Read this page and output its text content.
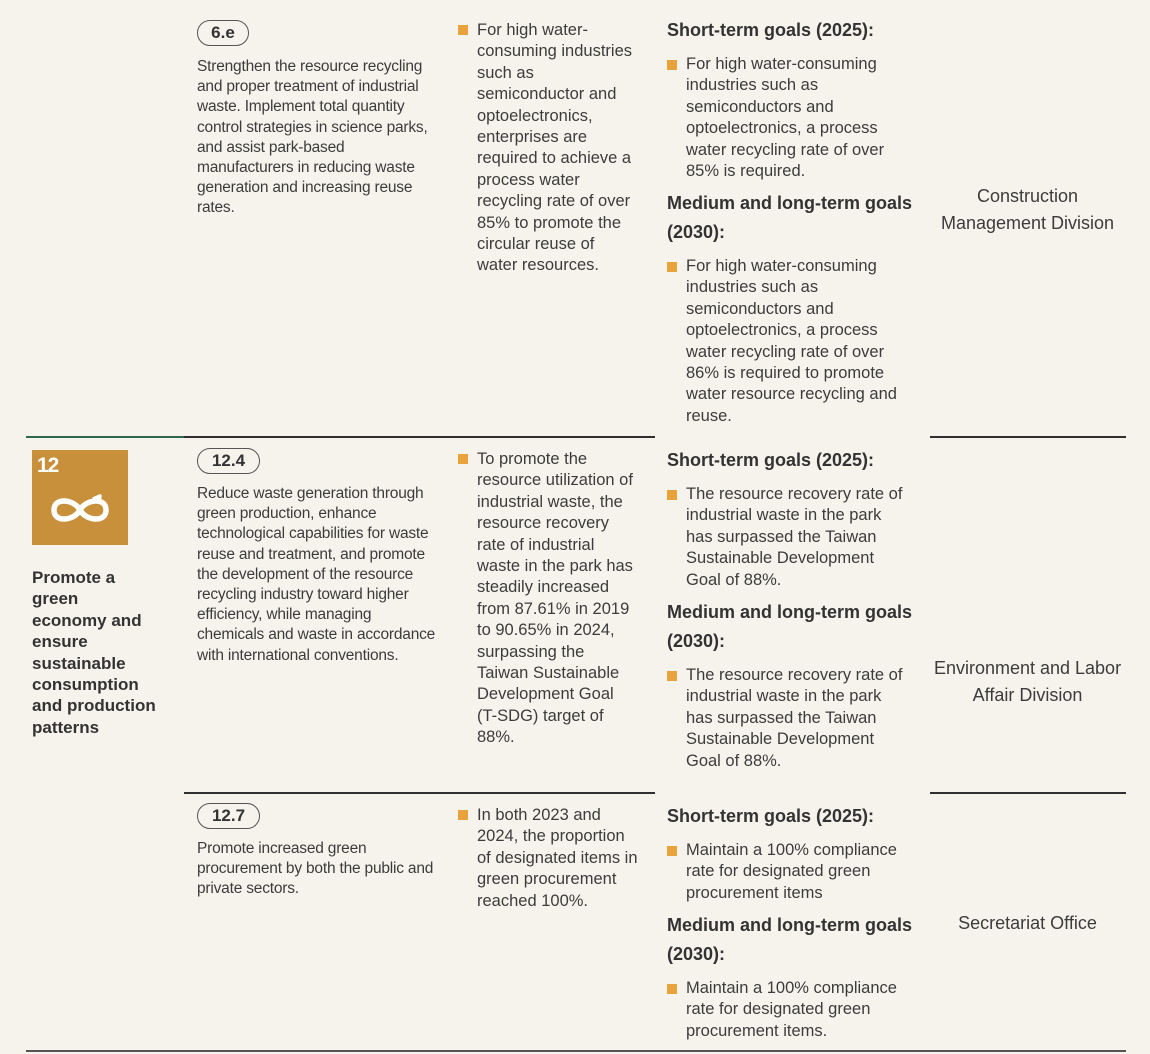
6.e
Strengthen the resource recycling and proper treatment of industrial waste. Implement total quantity control strategies in science parks, and assist park-based manufacturers in reducing waste generation and increasing reuse rates.
For high water-consuming industries such as semiconductor and optoelectronics, enterprises are required to achieve a process water recycling rate of over 85% to promote the circular reuse of water resources.
Short-term goals (2025):
For high water-consuming industries such as semiconductors and optoelectronics, a process water recycling rate of over 85% is required.
Medium and long-term goals (2030):
For high water-consuming industries such as semiconductors and optoelectronics, a process water recycling rate of over 86% is required to promote water resource recycling and reuse.
Construction Management Division
12
Promote a green economy and ensure sustainable consumption and production patterns
12.4
Reduce waste generation through green production, enhance technological capabilities for waste reuse and treatment, and promote the development of the resource recycling industry toward higher efficiency, while managing chemicals and waste in accordance with international conventions.
To promote the resource utilization of industrial waste, the resource recovery rate of industrial waste in the park has steadily increased from 87.61% in 2019 to 90.65% in 2024, surpassing the Taiwan Sustainable Development Goal (T-SDG) target of 88%.
Short-term goals (2025):
The resource recovery rate of industrial waste in the park has surpassed the Taiwan Sustainable Development Goal of 88%.
Medium and long-term goals (2030):
The resource recovery rate of industrial waste in the park has surpassed the Taiwan Sustainable Development Goal of 88%.
Environment and Labor Affair Division
12.7
Promote increased green procurement by both the public and private sectors.
In both 2023 and 2024, the proportion of designated items in green procurement reached 100%.
Short-term goals (2025):
Maintain a 100% compliance rate for designated green procurement items
Medium and long-term goals (2030):
Maintain a 100% compliance rate for designated green procurement items.
Secretariat Office
